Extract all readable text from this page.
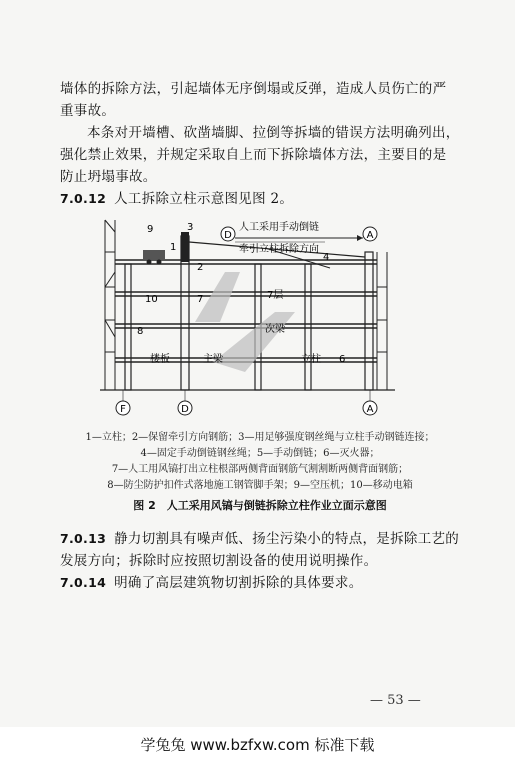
墙体的拆除方法，引起墙体无序倒塌或反弹，造成人员伤亡的严重事故。
本条对开墙槽、砍凿墙脚、拉倒等拆墙的错误方法明确列出，强化禁止效果，并规定采取自上而下拆除墙体方法，主要目的是防止坍塌事故。
7.0.12 人工拆除立柱示意图见图 2。
D	A
F	D	A
人工采用手动倒链
牵引立柱拆除方向
9	3
1
2
4
10	7
8
6
7层
次梁
楼板	主梁	立柱
1—立柱；2—保留牵引方向钢筋；3—用足够强度钢丝绳与立柱手动钢链连接；
4—固定手动倒链钢丝绳；5—手动倒链；6—灭火器；
7—人工用风镐打出立柱根部两侧背面钢筋气割割断两侧背面钢筋；
8—防尘防护扣件式落地施工钢管脚手架；9—空压机；10—移动电箱
图 2　人工采用风镐与倒链拆除立柱作业立面示意图
7.0.13 静力切割具有噪声低、扬尘污染小的特点，是拆除工艺的发展方向；拆除时应按照切割设备的使用说明操作。
7.0.14 明确了高层建筑物切割拆除的具体要求。
— 53 —
学兔兔 www.bzfxw.com 标准下载
